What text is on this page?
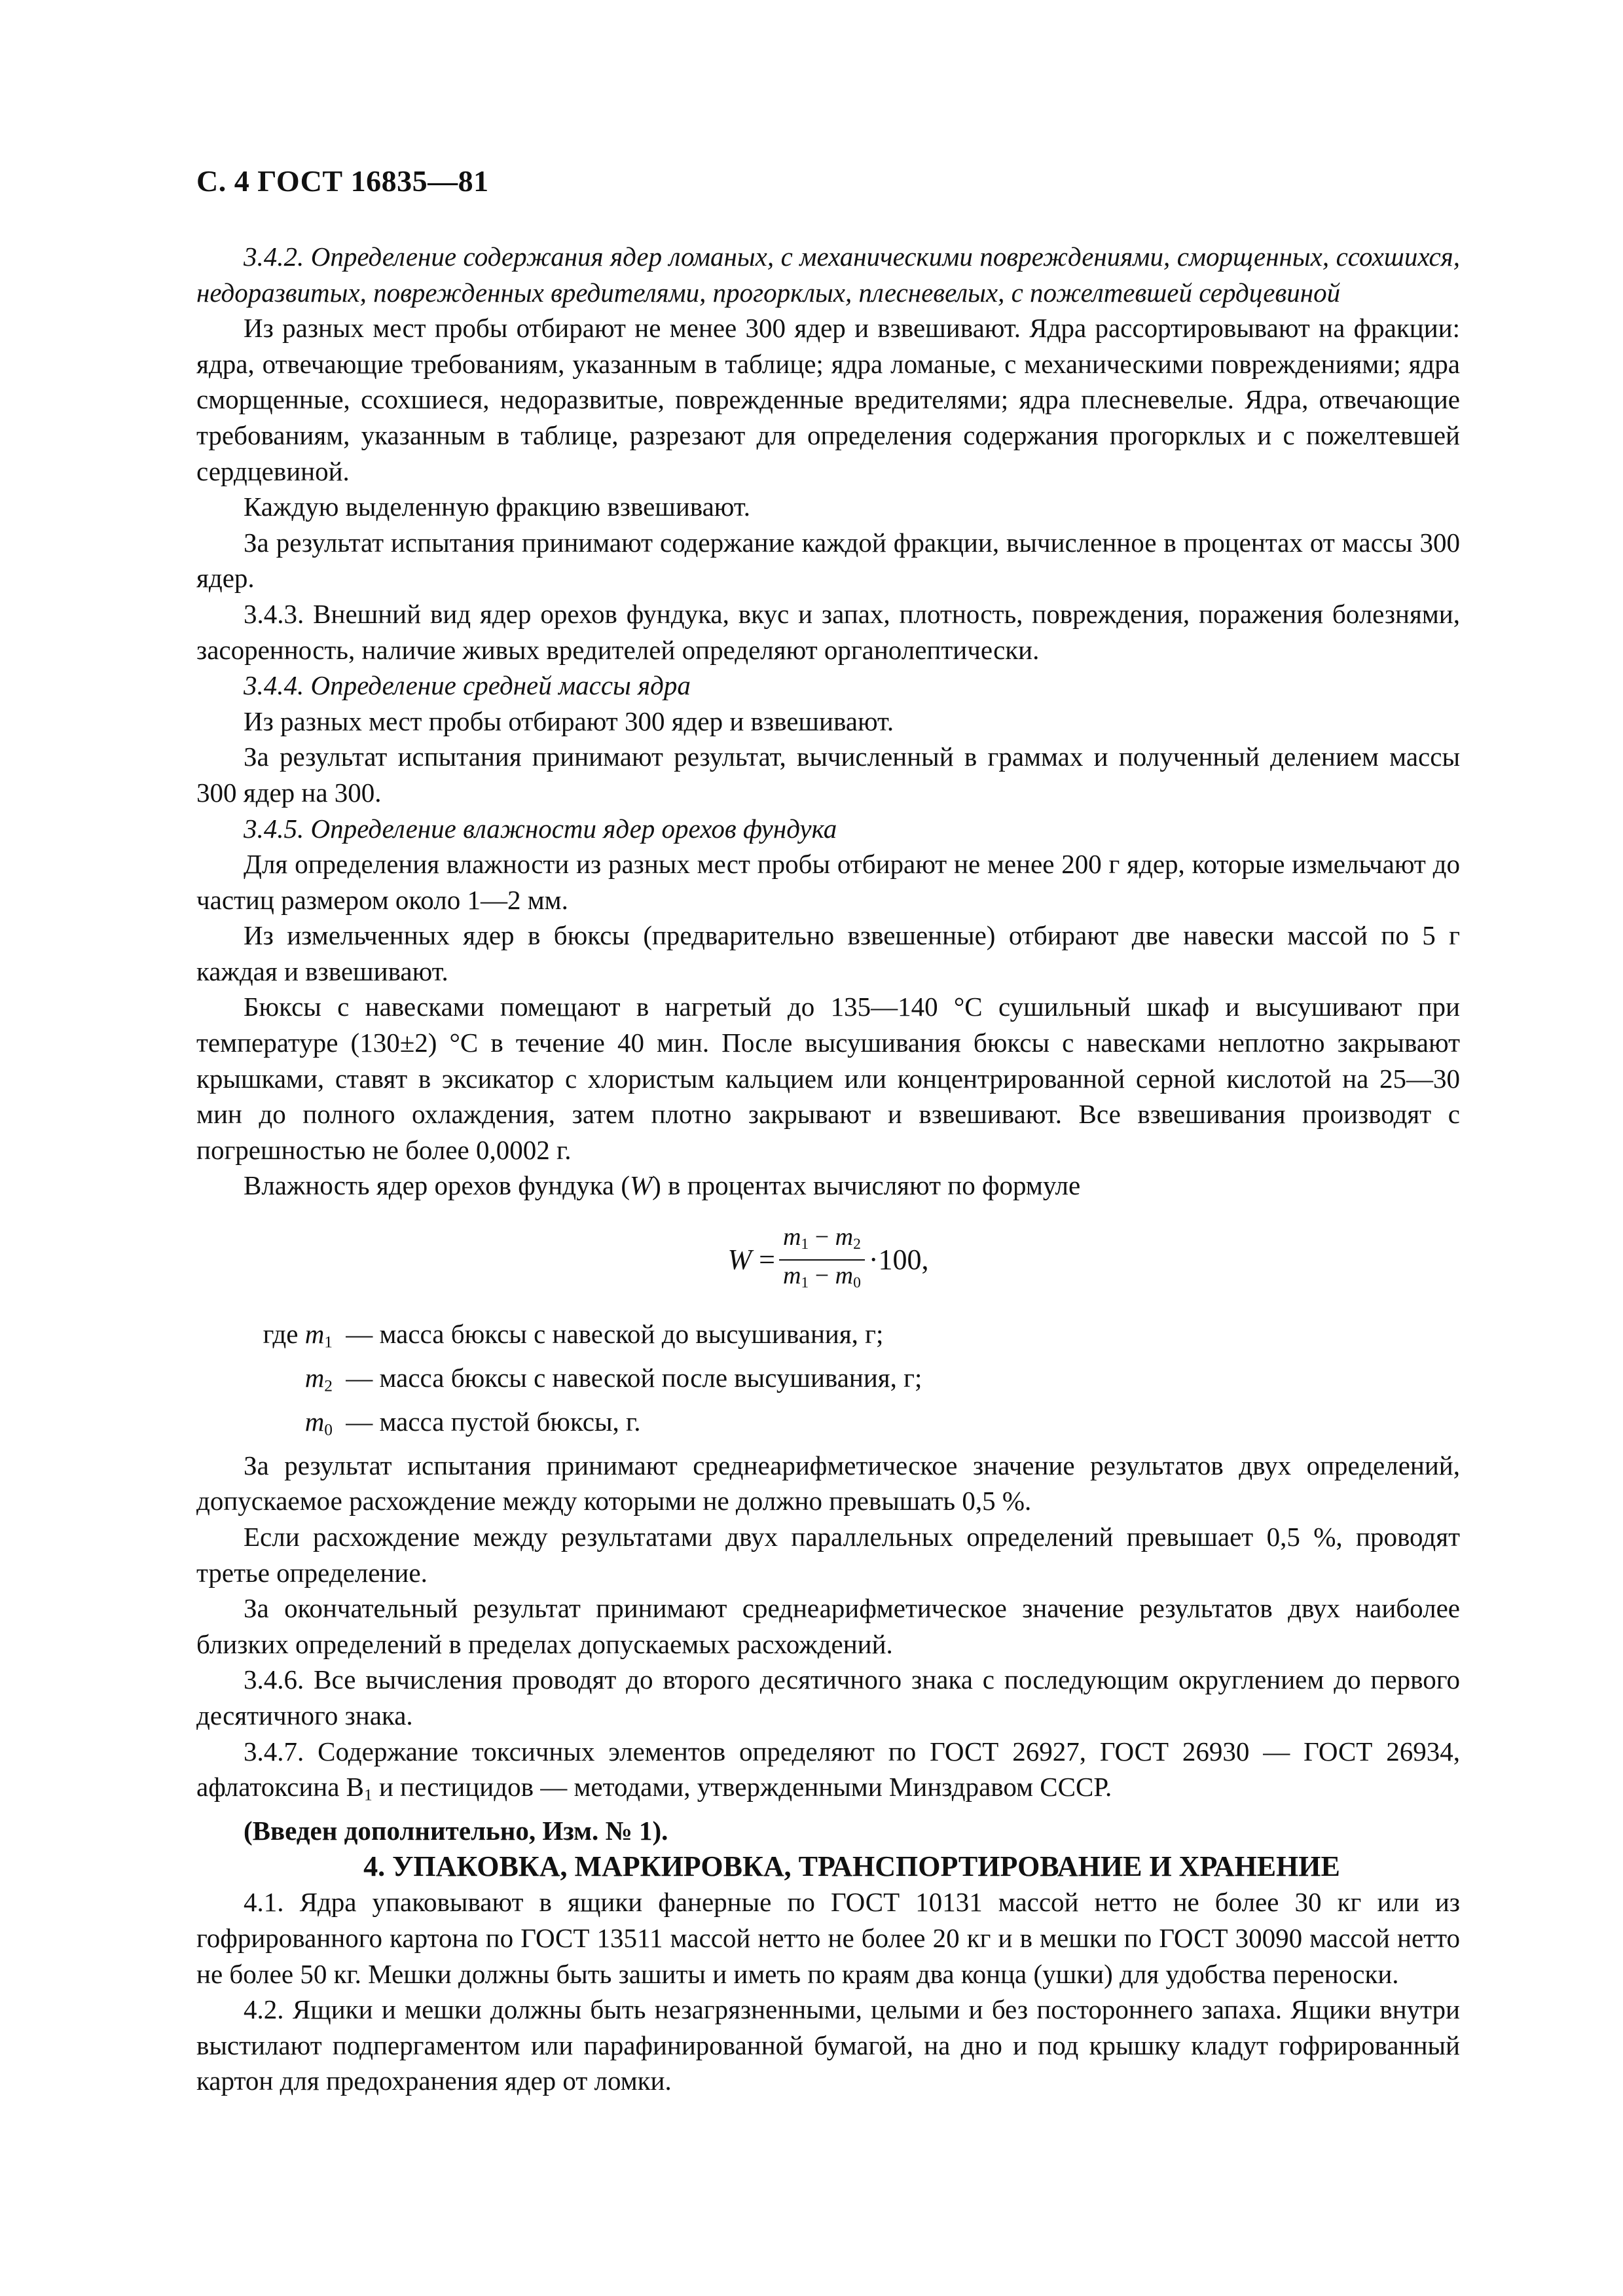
С. 4 ГОСТ 16835—81

3.4.2. Определение содержания ядер ломаных, с механическими повреждениями, сморщенных, ссохшихся, недоразвитых, поврежденных вредителями, прогорклых, плесневелых, с пожелтевшей сердцевиной

Из разных мест пробы отбирают не менее 300 ядер и взвешивают. Ядра рассортировывают на фракции: ядра, отвечающие требованиям, указанным в таблице; ядра ломаные, с механическими повреждениями; ядра сморщенные, ссохшиеся, недоразвитые, поврежденные вредителями; ядра плесневелые. Ядра, отвечающие требованиям, указанным в таблице, разрезают для определения содержания прогорклых и с пожелтевшей сердцевиной.

Каждую выделенную фракцию взвешивают.

За результат испытания принимают содержание каждой фракции, вычисленное в процентах от массы 300 ядер.

3.4.3. Внешний вид ядер орехов фундука, вкус и запах, плотность, повреждения, поражения болезнями, засоренность, наличие живых вредителей определяют органолептически.

3.4.4. Определение средней массы ядра

Из разных мест пробы отбирают 300 ядер и взвешивают.

За результат испытания принимают результат, вычисленный в граммах и полученный делением массы 300 ядер на 300.

3.4.5. Определение влажности ядер орехов фундука

Для определения влажности из разных мест пробы отбирают не менее 200 г ядер, которые измельчают до частиц размером около 1—2 мм.

Из измельченных ядер в бюксы (предварительно взвешенные) отбирают две навески массой по 5 г каждая и взвешивают.

Бюксы с навесками помещают в нагретый до 135—140 °С сушильный шкаф и высушивают при температуре (130±2) °С в течение 40 мин. После высушивания бюксы с навесками неплотно закрывают крышками, ставят в эксикатор с хлористым кальцием или концентрированной серной кислотой на 25—30 мин до полного охлаждения, затем плотно закрывают и взвешивают. Все взвешивания производят с погрешностью не более 0,0002 г.

Влажность ядер орехов фундука (W) в процентах вычисляют по формуле

$W = \frac{m_1 - m_2}{m_1 - m_0} \cdot 100$,
где $m_1$ — масса бюксы с навеской до высушивания, г;
$m_2$ — масса бюксы с навеской после высушивания, г;
$m_0$ — масса пустой бюксы, г.

За результат испытания принимают среднеарифметическое значение результатов двух определений, допускаемое расхождение между которыми не должно превышать 0,5 %.

Если расхождение между результатами двух параллельных определений превышает 0,5 %, проводят третье определение.

За окончательный результат принимают среднеарифметическое значение результатов двух наиболее близких определений в пределах допускаемых расхождений.

3.4.6. Все вычисления проводят до второго десятичного знака с последующим округлением до первого десятичного знака.

3.4.7. Содержание токсичных элементов определяют по ГОСТ 26927, ГОСТ 26930 — ГОСТ 26934, афлатоксина $В_1$ и пестицидов — методами, утвержденными Минздравом СССР.

(Введен дополнительно, Изм. № 1).

4. УПАКОВКА, МАРКИРОВКА, ТРАНСПОРТИРОВАНИЕ И ХРАНЕНИЕ

4.1. Ядра упаковывают в ящики фанерные по ГОСТ 10131 массой нетто не более 30 кг или из гофрированного картона по ГОСТ 13511 массой нетто не более 20 кг и в мешки по ГОСТ 30090 массой нетто не более 50 кг. Мешки должны быть зашиты и иметь по краям два конца (ушки) для удобства переноски.

4.2. Ящики и мешки должны быть незагрязненными, целыми и без постороннего запаха. Ящики внутри выстилают подпергаментом или парафинированной бумагой, на дно и под крышку кладут гофрированный картон для предохранения ядер от ломки.
